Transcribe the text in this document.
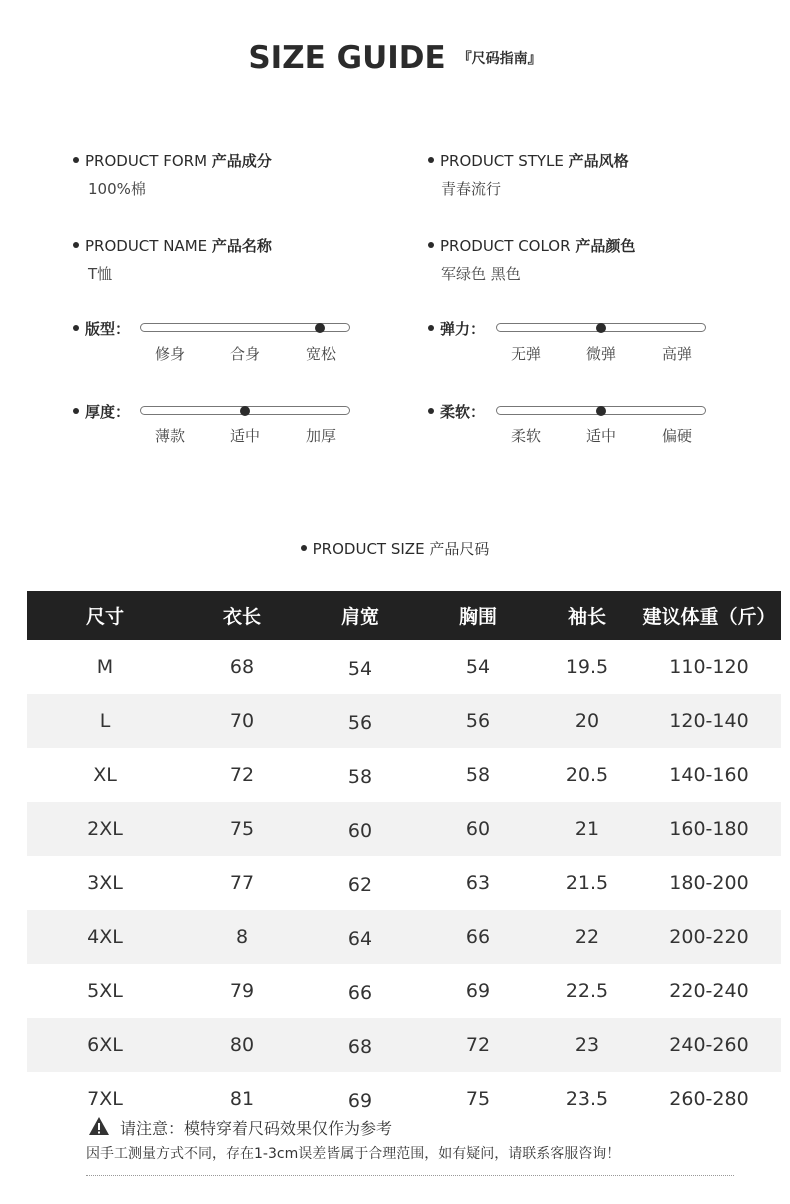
SIZE GUIDE 『尺码指南』
PRODUCT FORM 产品成分
100%棉
PRODUCT NAME 产品名称
T恤
PRODUCT STYLE 产品风格
青春流行
PRODUCT COLOR 产品颜色
军绿色 黑色
版型：
修身	合身	宽松
弹力：
无弹	微弹	高弹
厚度：
薄款	适中	加厚
柔软：
柔软	适中	偏硬
PRODUCT SIZE 产品尺码
尺寸	衣长	肩宽	胸围	袖长	建议体重（斤）
M	68	54	54	19.5	110-120
L	70	56	56	20	120-140
XL	72	58	58	20.5	140-160
2XL	75	60	60	21	160-180
3XL	77	62	63	21.5	180-200
4XL	8	64	66	22	200-220
5XL	79	66	69	22.5	220-240
6XL	80	68	72	23	240-260
7XL	81	69	75	23.5	260-280
请注意：模特穿着尺码效果仅作为参考
因手工测量方式不同，存在1-3cm误差皆属于合理范围，如有疑问，请联系客服咨询！
